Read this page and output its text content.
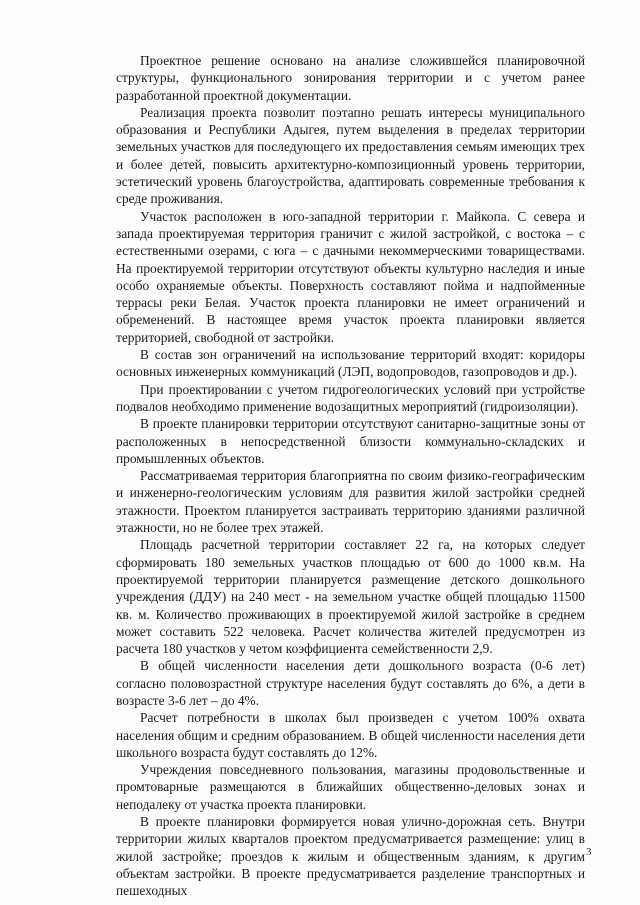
Проектное решение основано на анализе сложившейся планировочной структуры, функционального зонирования территории и с учетом ранее разработанной проектной документации.

Реализация проекта позволит поэтапно решать интересы муниципального образования и Республики Адыгея, путем выделения в пределах территории земельных участков для последующего их предоставления семьям имеющих трех и более детей, повысить архитектурно-композиционный уровень территории, эстетический уровень благоустройства, адаптировать современные требования к среде проживания.

Участок расположен в юго-западной территории г. Майкопа. С севера и запада проектируемая территория граничит с жилой застройкой, с востока – с естественными озерами, с юга – с дачными некоммерческими товариществами. На проектируемой территории отсутствуют объекты культурно наследия и иные особо охраняемые объекты. Поверхность составляют пойма и надпойменные террасы реки Белая. Участок проекта планировки не имеет ограничений и обременений. В настоящее время участок проекта планировки является территорией, свободной от застройки.

В состав зон ограничений на использование территорий входят: коридоры основных инженерных коммуникаций (ЛЭП, водопроводов, газопроводов и др.).

При проектировании с учетом гидрогеологических условий при устройстве подвалов необходимо применение водозащитных мероприятий (гидроизоляции).

В проекте планировки территории отсутствуют санитарно-защитные зоны от расположенных в непосредственной близости коммунально-складских и промышленных объектов.

Рассматриваемая территория благоприятна по своим физико-географическим и инженерно-геологическим условиям для развития жилой застройки средней этажности. Проектом планируется застраивать территорию зданиями различной этажности, но не более трех этажей.

Площадь расчетной территории составляет 22 га, на которых следует сформировать 180 земельных участков площадью от 600 до 1000 кв.м. На проектируемой территории планируется размещение детского дошкольного учреждения (ДДУ) на 240 мест - на земельном участке общей площадью 11500 кв. м. Количество проживающих в проектируемой жилой застройке в среднем может составить 522 человека. Расчет количества жителей предусмотрен из расчета 180 участков у четом коэффициента семейственности 2,9.

В общей численности населения дети дошкольного возраста (0-6 лет) согласно половозрастной структуре населения будут составлять до 6%, а дети в возрасте 3-6 лет – до 4%.

Расчет потребности в школах был произведен с учетом 100% охвата населения общим и средним образованием. В общей численности населения дети школьного возраста будут составлять до 12%.

Учреждения повседневного пользования, магазины продовольственные и промтоварные размещаются в ближайших общественно-деловых зонах и неподалеку от участка проекта планировки.

В проекте планировки формируется новая улично-дорожная сеть. Внутри территории жилых кварталов проектом предусматривается размещение: улиц в жилой застройке; проездов к жилым и общественным зданиям, к другим объектам застройки. В проекте предусматривается разделение транспортных и пешеходных

3
